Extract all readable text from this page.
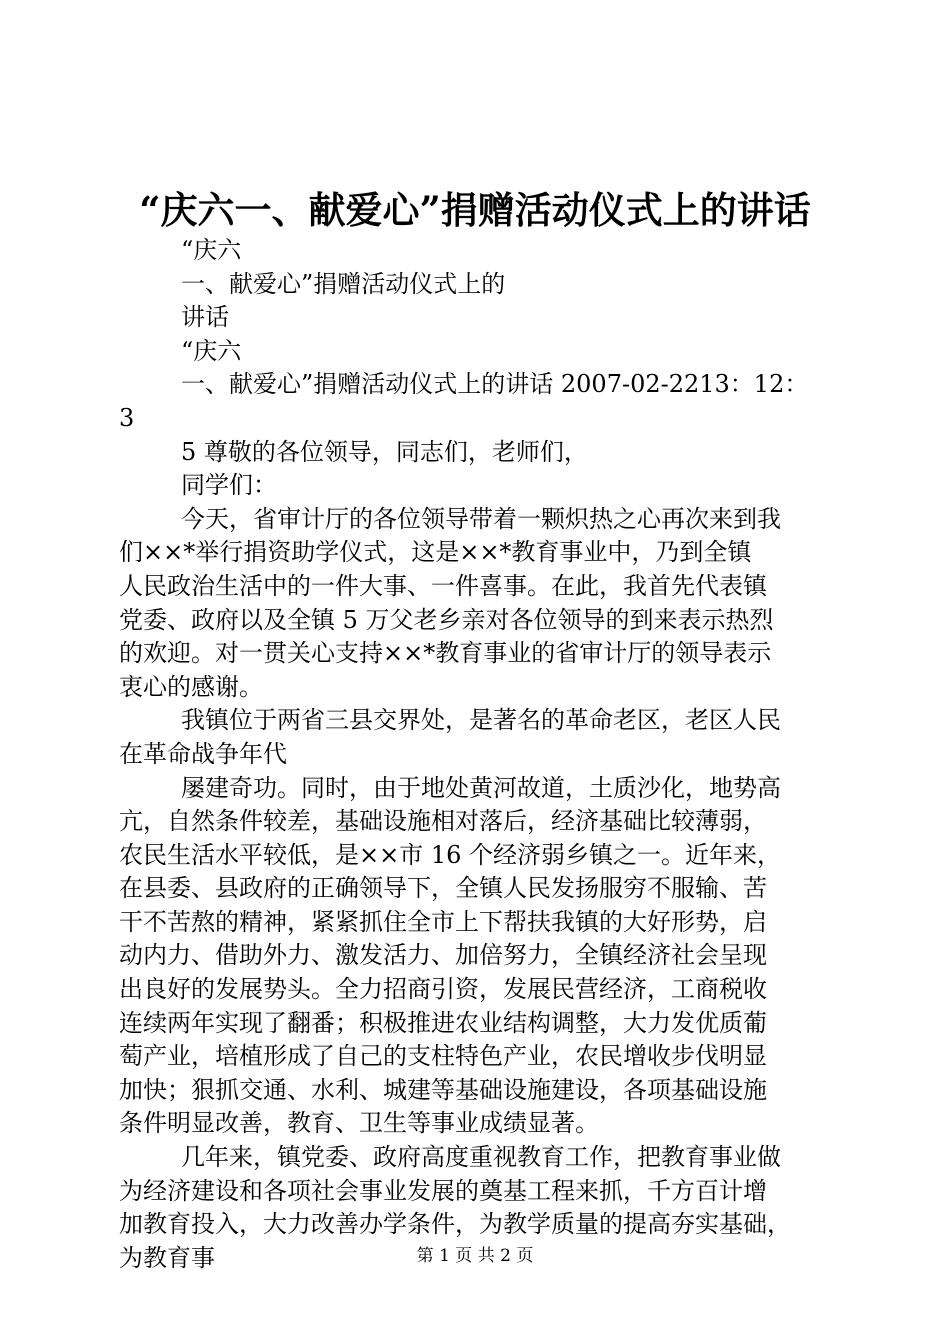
“庆六一、献爱心”捐赠活动仪式上的讲话
“庆六
一、献爱心”捐赠活动仪式上的
讲话
“庆六
一、献爱心”捐赠活动仪式上的讲话 2007-02-2213：12：
3
5 尊敬的各位领导，同志们，老师们，
同学们：
今天，省审计厅的各位领导带着一颗炽热之心再次来到我
们××*举行捐资助学仪式，这是××*教育事业中，乃到全镇
人民政治生活中的一件大事、一件喜事。在此，我首先代表镇
党委、政府以及全镇 5 万父老乡亲对各位领导的到来表示热烈
的欢迎。对一贯关心支持××*教育事业的省审计厅的领导表示
衷心的感谢。
我镇位于两省三县交界处，是著名的革命老区，老区人民
在革命战争年代
屡建奇功。同时，由于地处黄河故道，土质沙化，地势高
亢，自然条件较差，基础设施相对落后，经济基础比较薄弱，
农民生活水平较低，是××市 16 个经济弱乡镇之一。近年来，
在县委、县政府的正确领导下，全镇人民发扬服穷不服输、苦
干不苦熬的精神，紧紧抓住全市上下帮扶我镇的大好形势，启
动内力、借助外力、激发活力、加倍努力，全镇经济社会呈现
出良好的发展势头。全力招商引资，发展民营经济，工商税收
连续两年实现了翻番；积极推进农业结构调整，大力发优质葡
萄产业，培植形成了自己的支柱特色产业，农民增收步伐明显
加快；狠抓交通、水利、城建等基础设施建设，各项基础设施
条件明显改善，教育、卫生等事业成绩显著。
几年来，镇党委、政府高度重视教育工作，把教育事业做
为经济建设和各项社会事业发展的奠基工程来抓，千方百计增
加教育投入，大力改善办学条件，为教学质量的提高夯实基础，
为教育事	第 1 页 共 2 页
